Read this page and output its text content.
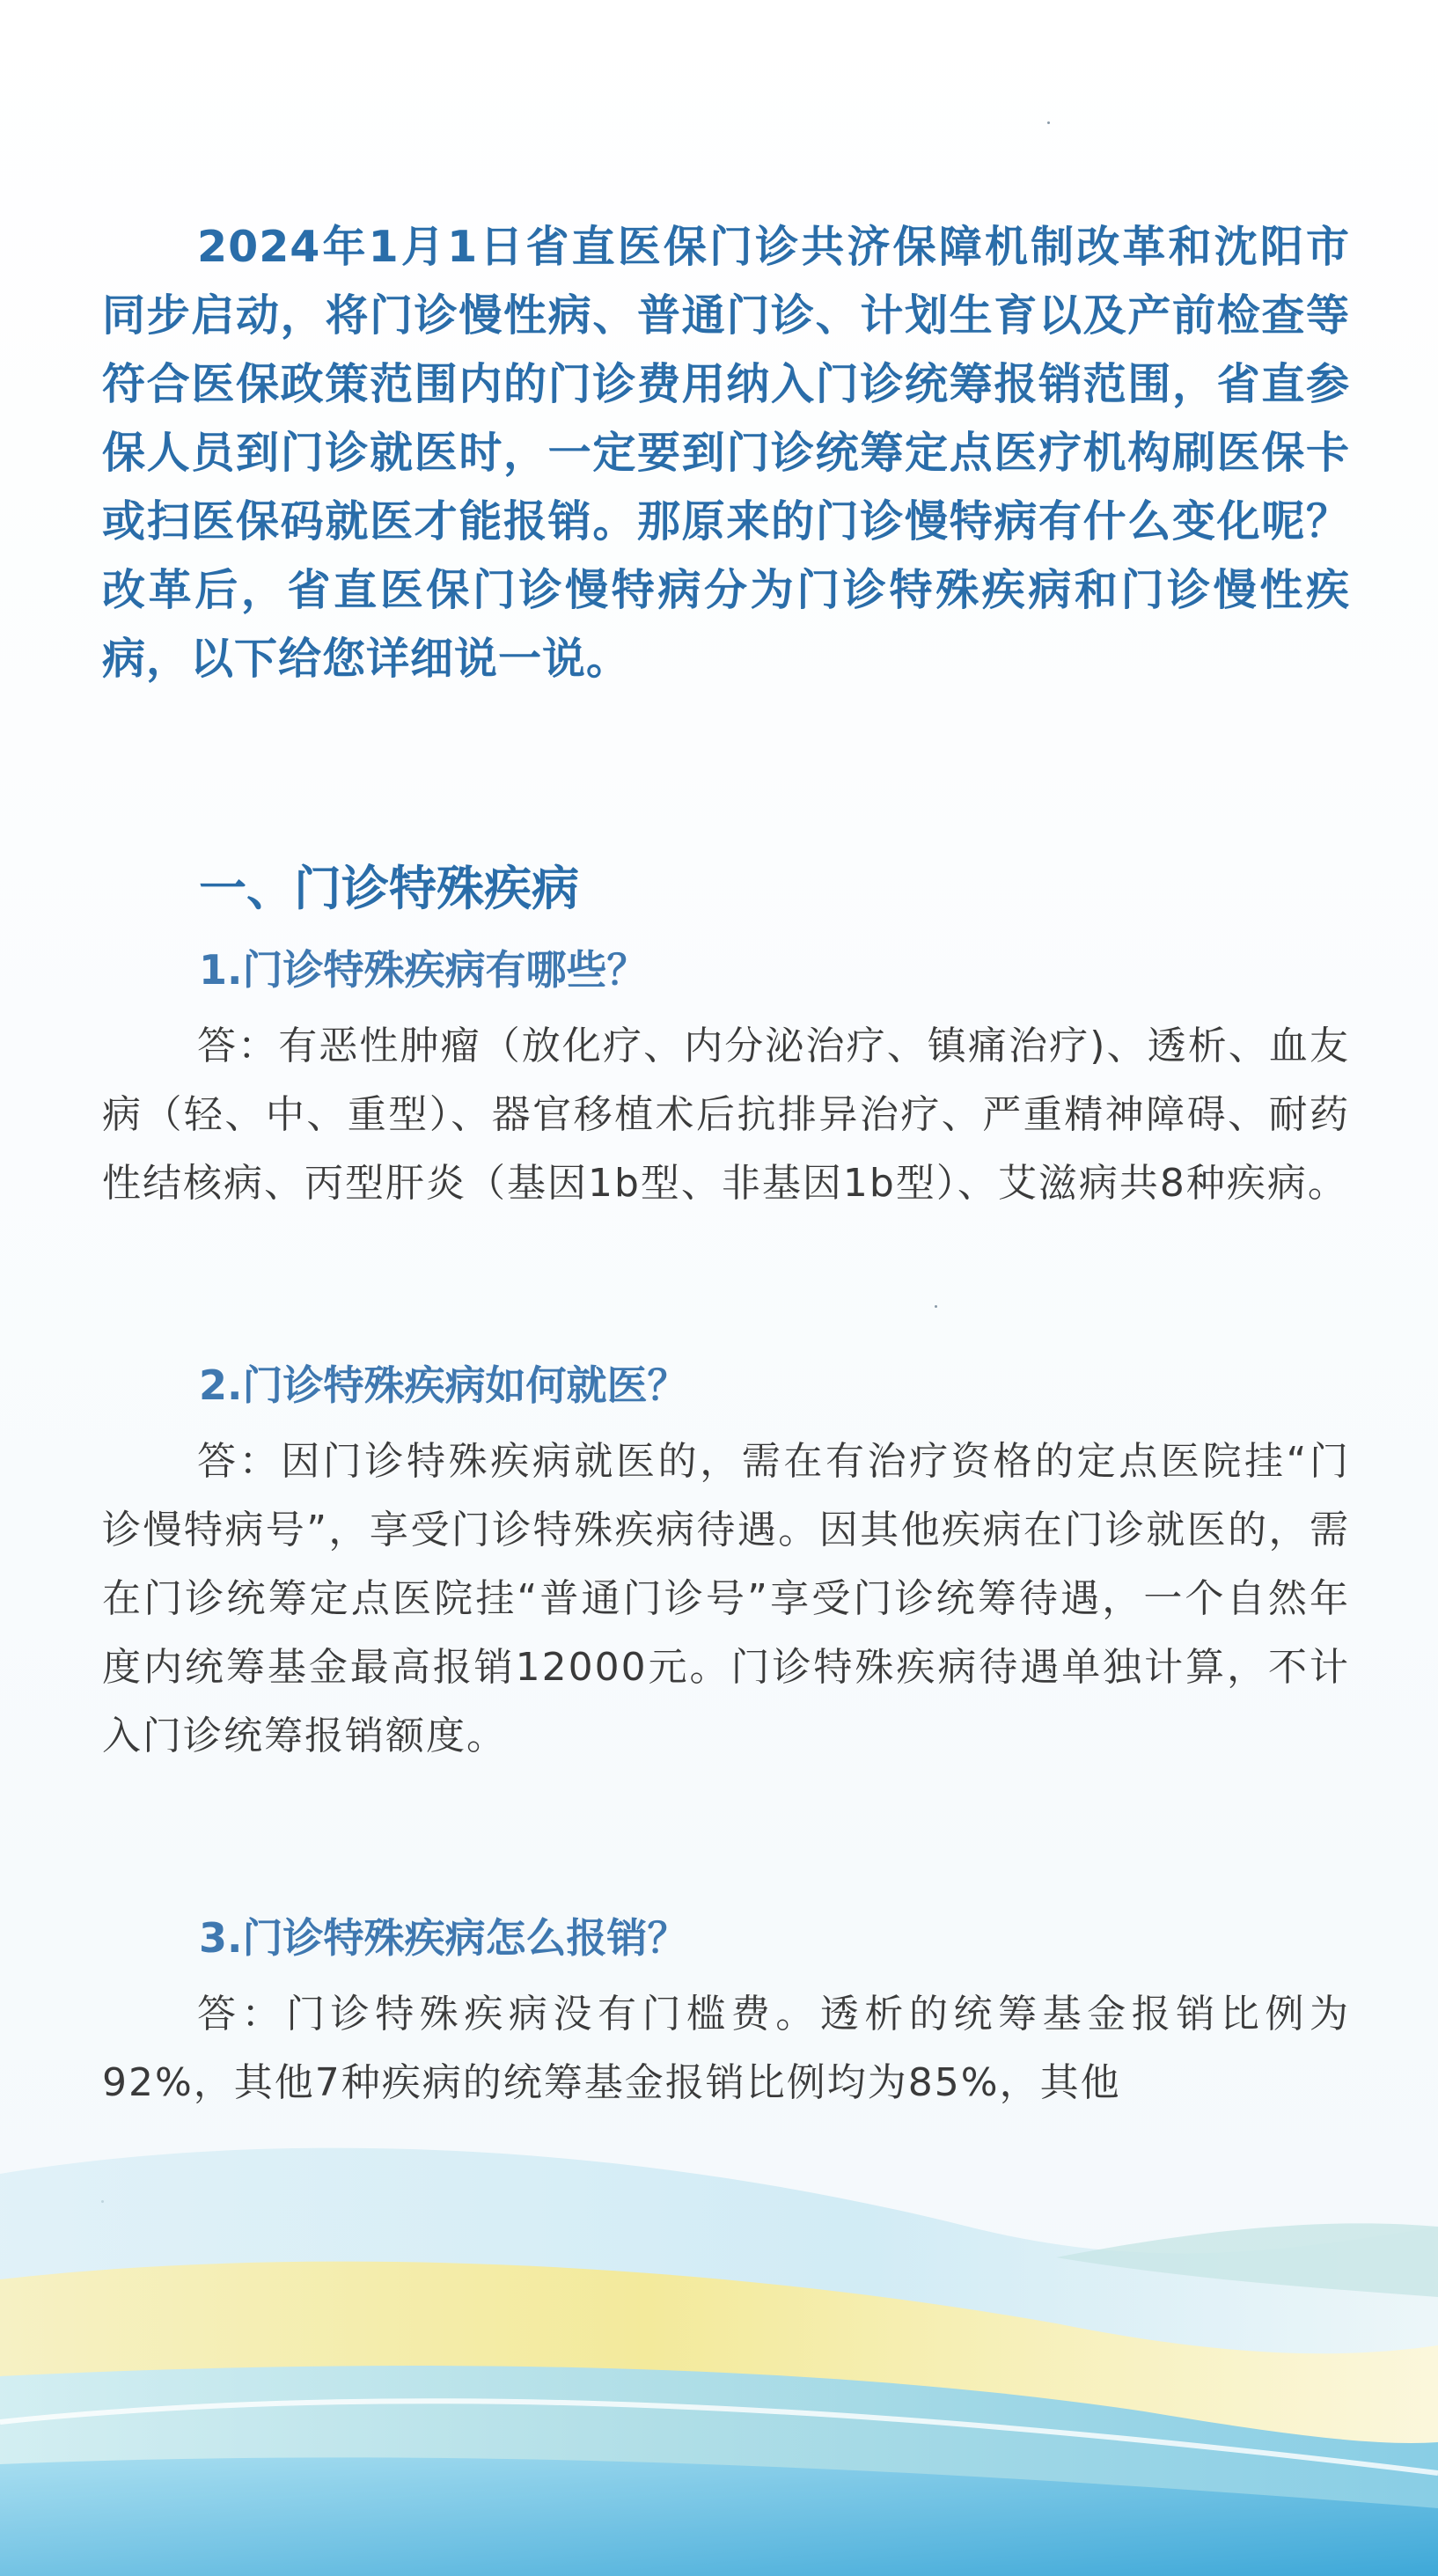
2024年1月1日省直医保门诊共济保障机制改革和沈阳市同步启动，将门诊慢性病、普通门诊、计划生育以及产前检查等符合医保政策范围内的门诊费用纳入门诊统筹报销范围，省直参保人员到门诊就医时，一定要到门诊统筹定点医疗机构刷医保卡或扫医保码就医才能报销。那原来的门诊慢特病有什么变化呢？改革后，省直医保门诊慢特病分为门诊特殊疾病和门诊慢性疾病，以下给您详细说一说。

一、门诊特殊疾病
1.门诊特殊疾病有哪些？

答：有恶性肿瘤（放化疗、内分泌治疗、镇痛治疗)、透析、血友病（轻、中、重型）、器官移植术后抗排异治疗、严重精神障碍、耐药性结核病、丙型肝炎（基因1b型、非基因1b型）、艾滋病共8种疾病。

2.门诊特殊疾病如何就医？

答：因门诊特殊疾病就医的，需在有治疗资格的定点医院挂“门诊慢特病号”，享受门诊特殊疾病待遇。因其他疾病在门诊就医的，需在门诊统筹定点医院挂“普通门诊号”享受门诊统筹待遇，一个自然年度内统筹基金最高报销12000元。门诊特殊疾病待遇单独计算，不计入门诊统筹报销额度。

3.门诊特殊疾病怎么报销？

答：门诊特殊疾病没有门槛费。透析的统筹基金报销比例为92%，其他7种疾病的统筹基金报销比例均为85%，其他
